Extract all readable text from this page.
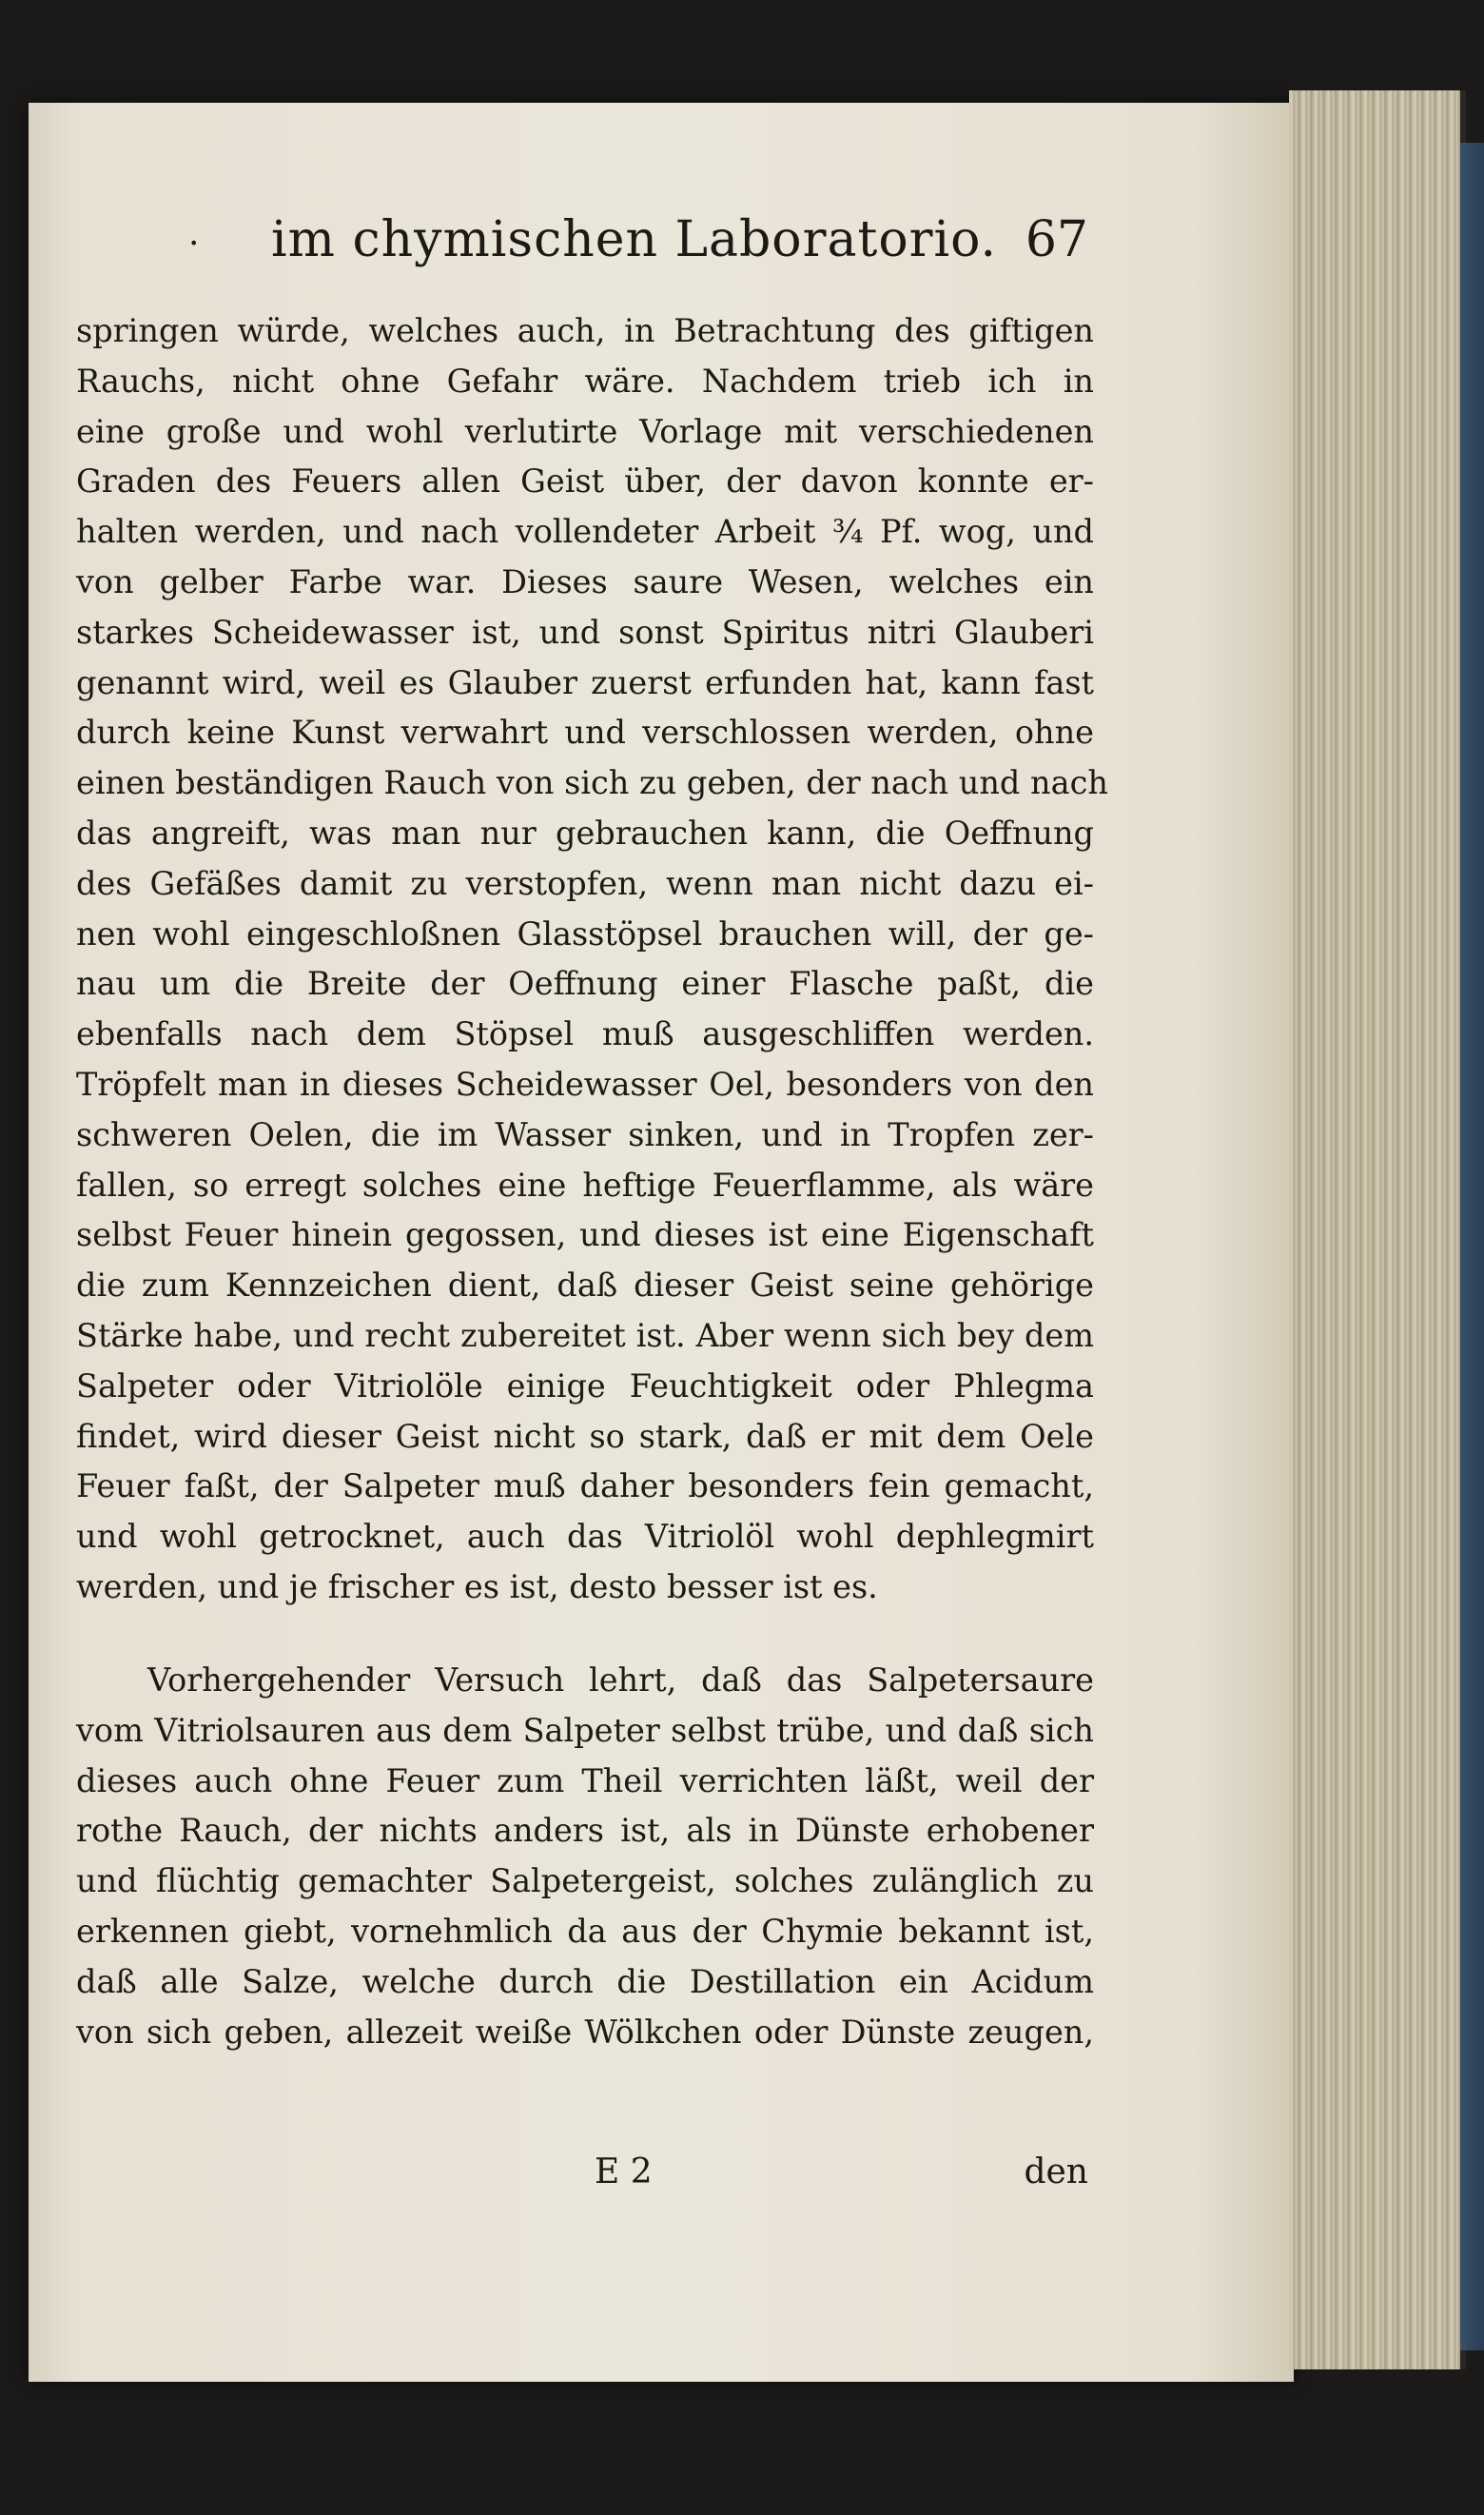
· im chymischen Laboratorio. 67
springen würde, welches auch, in Betrachtung des giftigen
Rauchs, nicht ohne Gefahr wäre. Nachdem trieb ich in
eine große und wohl verlutirte Vorlage mit verschiedenen
Graden des Feuers allen Geist über, der davon konnte er-
halten werden, und nach vollendeter Arbeit ¾ Pf. wog, und
von gelber Farbe war. Dieses saure Wesen, welches ein
starkes Scheidewasser ist, und sonst Spiritus nitri Glauberi
genannt wird, weil es Glauber zuerst erfunden hat, kann fast
durch keine Kunst verwahrt und verschlossen werden, ohne
einen beständigen Rauch von sich zu geben, der nach und nach
das angreift, was man nur gebrauchen kann, die Oeffnung
des Gefäßes damit zu verstopfen, wenn man nicht dazu ei-
nen wohl eingeschloßnen Glasstöpsel brauchen will, der ge-
nau um die Breite der Oeffnung einer Flasche paßt, die
ebenfalls nach dem Stöpsel muß ausgeschliffen werden.
Tröpfelt man in dieses Scheidewasser Oel, besonders von den
schweren Oelen, die im Wasser sinken, und in Tropfen zer-
fallen, so erregt solches eine heftige Feuerflamme, als wäre
selbst Feuer hinein gegossen, und dieses ist eine Eigenschaft
die zum Kennzeichen dient, daß dieser Geist seine gehörige
Stärke habe, und recht zubereitet ist. Aber wenn sich bey dem
Salpeter oder Vitriolöle einige Feuchtigkeit oder Phlegma
findet, wird dieser Geist nicht so stark, daß er mit dem Oele
Feuer faßt, der Salpeter muß daher besonders fein gemacht,
und wohl getrocknet, auch das Vitriolöl wohl dephlegmirt
werden, und je frischer es ist, desto besser ist es.
Vorhergehender Versuch lehrt, daß das Salpetersaure
vom Vitriolsauren aus dem Salpeter selbst trübe, und daß sich
dieses auch ohne Feuer zum Theil verrichten läßt, weil der
rothe Rauch, der nichts anders ist, als in Dünste erhobener
und flüchtig gemachter Salpetergeist, solches zulänglich zu
erkennen giebt, vornehmlich da aus der Chymie bekannt ist,
daß alle Salze, welche durch die Destillation ein Acidum
von sich geben, allezeit weiße Wölkchen oder Dünste zeugen,
E 2	den
